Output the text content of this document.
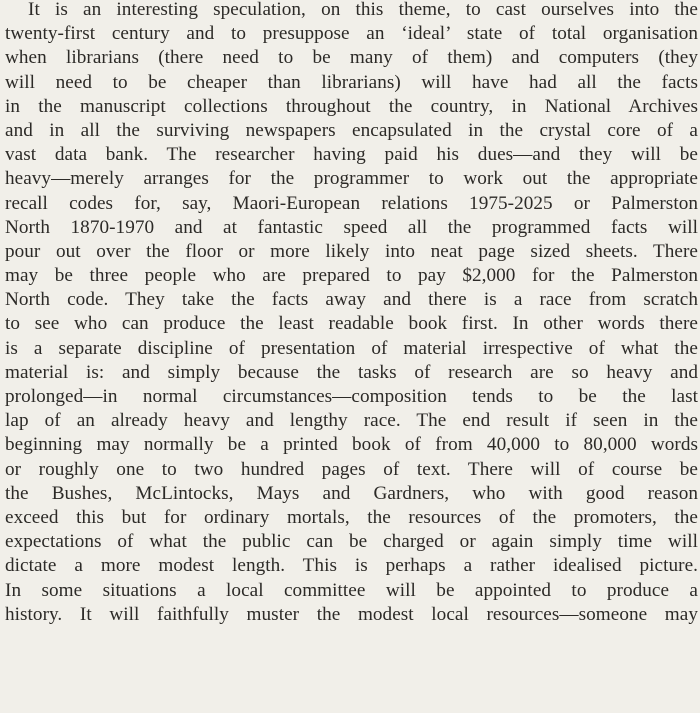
It is an interesting speculation, on this theme, to cast ourselves into the
twenty-first century and to presuppose an ‘ideal’ state of total organisation
when librarians (there need to be many of them) and computers (they
will need to be cheaper than librarians) will have had all the facts
in the manuscript collections throughout the country, in National Archives
and in all the surviving newspapers encapsulated in the crystal core of a
vast data bank. The researcher having paid his dues—and they will be
heavy—merely arranges for the programmer to work out the appropriate
recall codes for, say, Maori-European relations 1975-2025 or Palmerston
North 1870-1970 and at fantastic speed all the programmed facts will
pour out over the floor or more likely into neat page sized sheets. There
may be three people who are prepared to pay $2,000 for the Palmerston
North code. They take the facts away and there is a race from scratch
to see who can produce the least readable book first. In other words there
is a separate discipline of presentation of material irrespective of what the
material is: and simply because the tasks of research are so heavy and
prolonged—in normal circumstances—composition tends to be the last
lap of an already heavy and lengthy race. The end result if seen in the
beginning may normally be a printed book of from 40,000 to 80,000 words
or roughly one to two hundred pages of text. There will of course be
the Bushes, McLintocks, Mays and Gardners, who with good reason
exceed this but for ordinary mortals, the resources of the promoters, the
expectations of what the public can be charged or again simply time will
dictate a more modest length. This is perhaps a rather idealised picture.
In some situations a local committee will be appointed to produce a
history. It will faithfully muster the modest local resources—someone may
